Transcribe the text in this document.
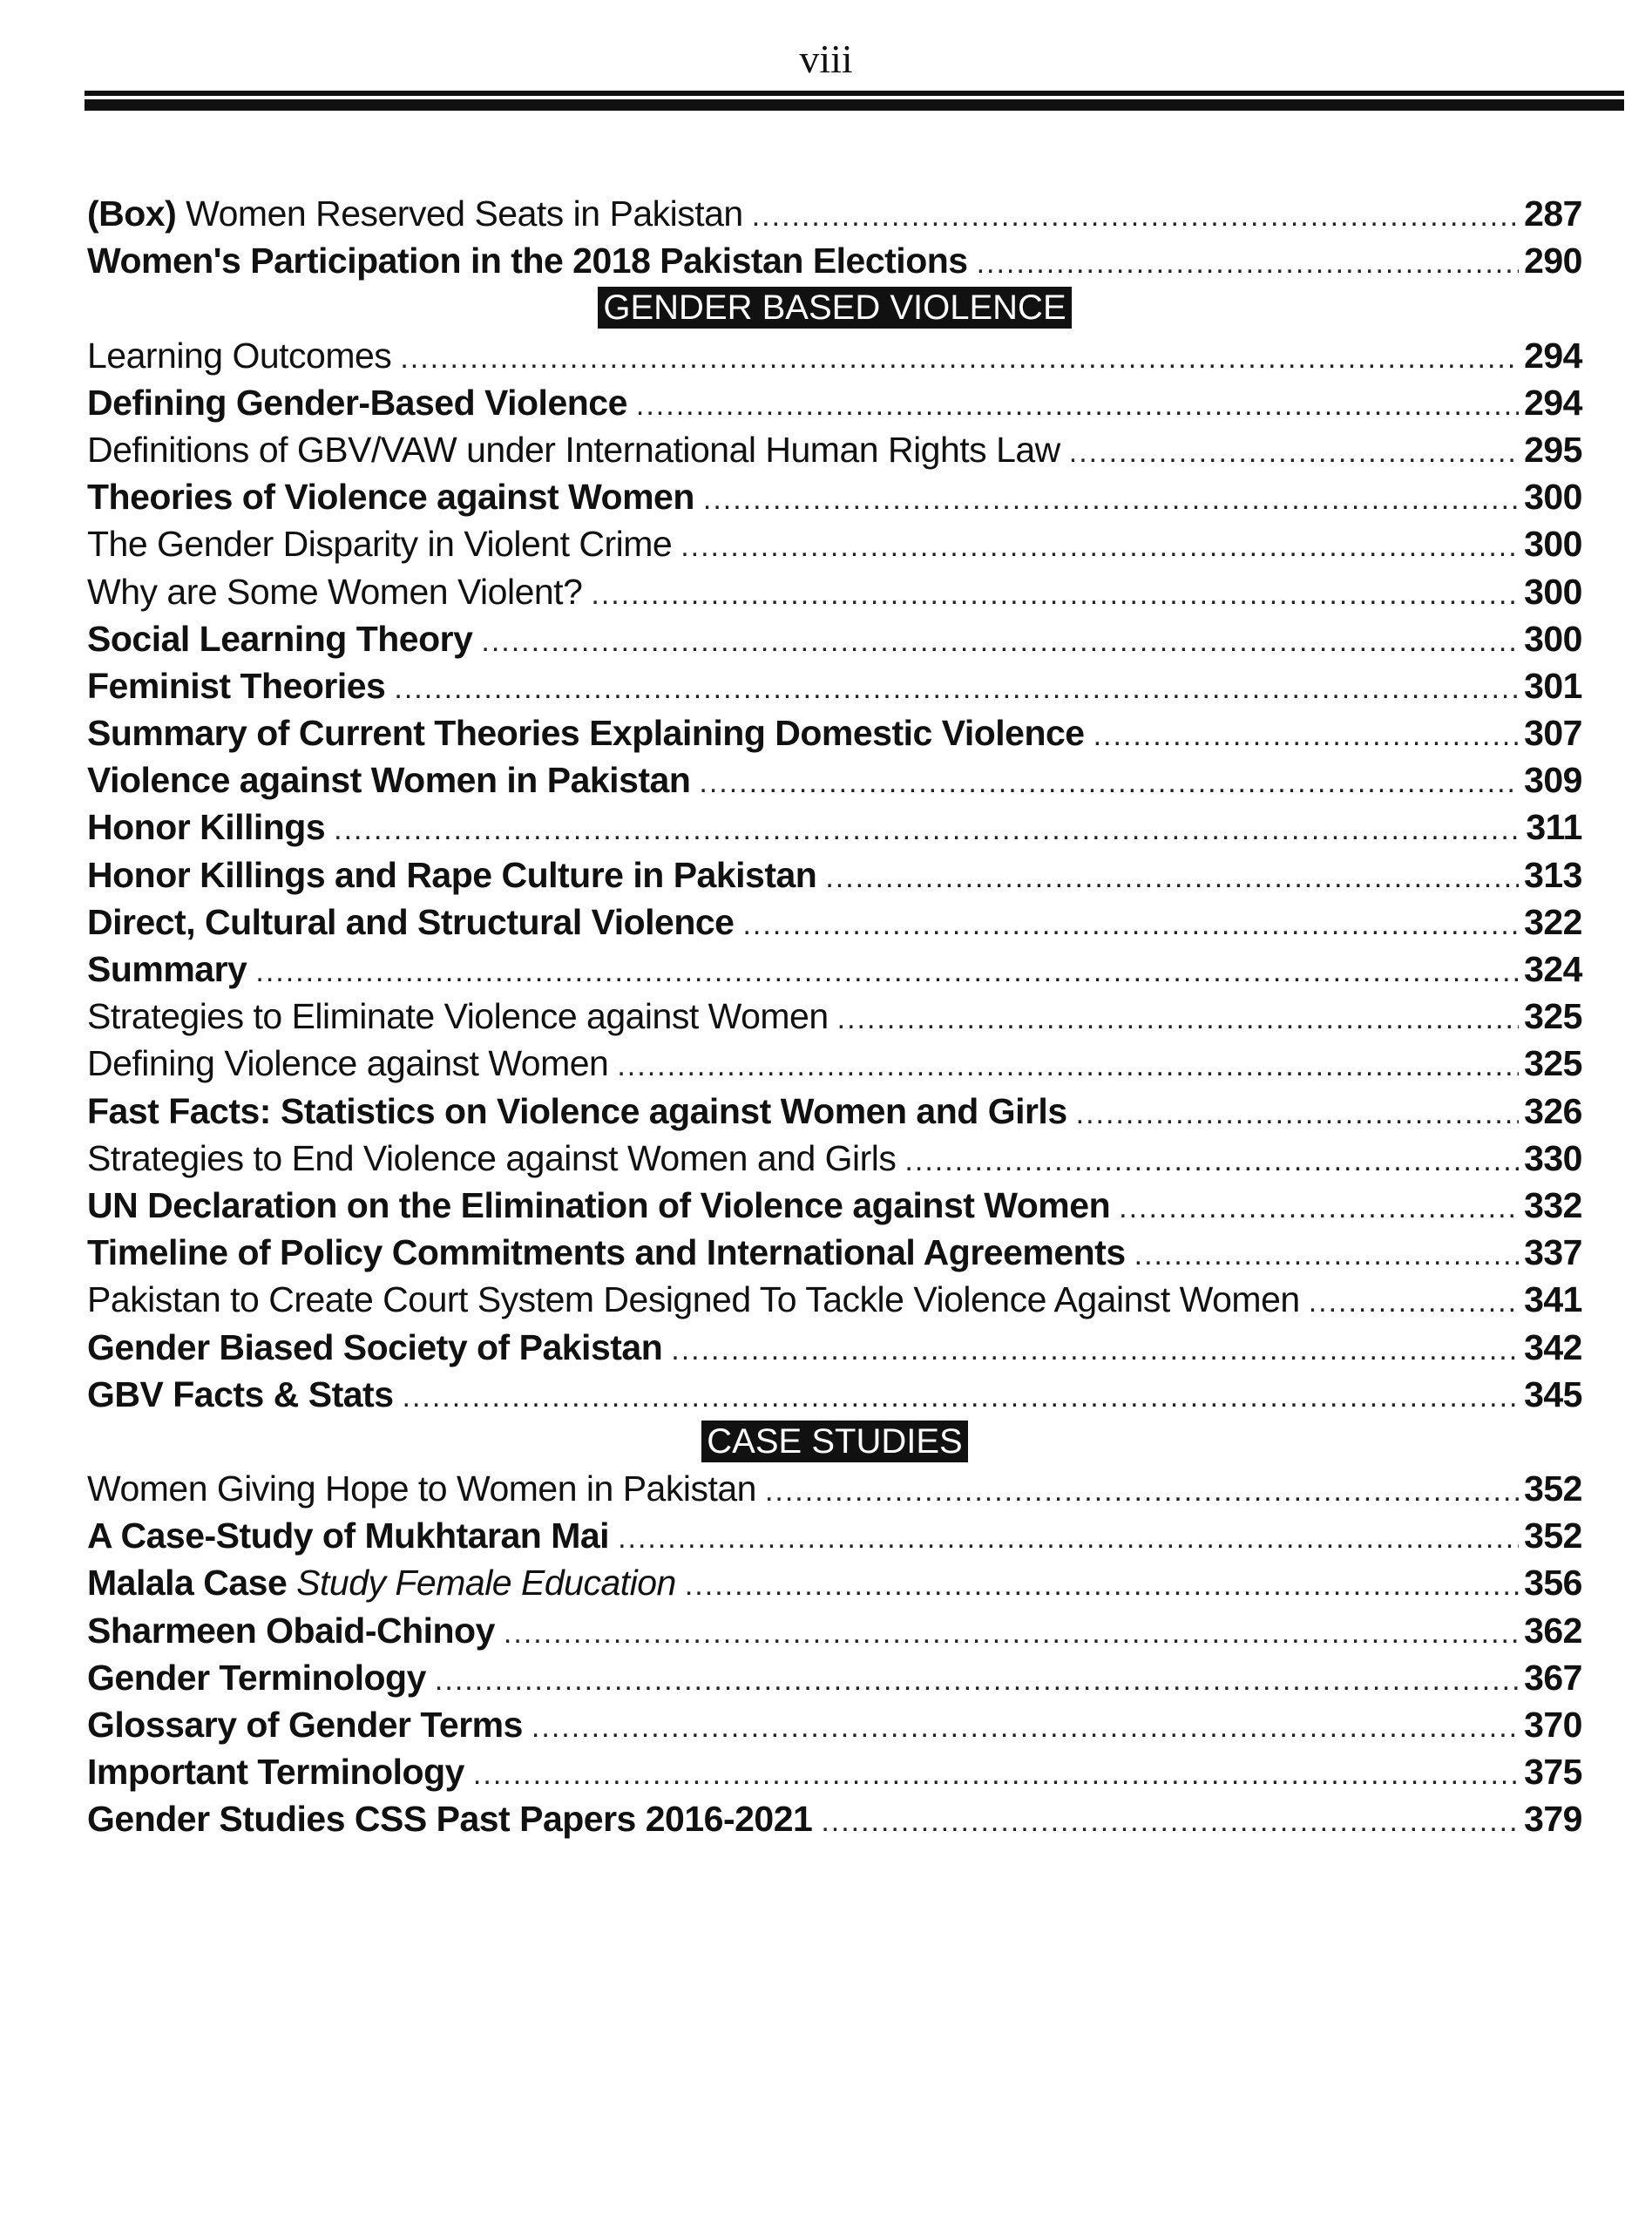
viii
(Box) Women Reserved Seats in Pakistan .....	287
Women's Participation in the 2018 Pakistan Elections .....	290
GENDER BASED VIOLENCE
Learning Outcomes .....	294
Defining Gender-Based Violence .....	294
Definitions of GBV/VAW under International Human Rights Law .....	295
Theories of Violence against Women .....	300
The Gender Disparity in Violent Crime .....	300
Why are Some Women Violent? .....	300
Social Learning Theory .....	300
Feminist Theories .....	301
Summary of Current Theories Explaining Domestic Violence .....	307
Violence against Women in Pakistan .....	309
Honor Killings .....	311
Honor Killings and Rape Culture in Pakistan .....	313
Direct, Cultural and Structural Violence .....	322
Summary .....	324
Strategies to Eliminate Violence against Women .....	325
Defining Violence against Women .....	325
Fast Facts: Statistics on Violence against Women and Girls .....	326
Strategies to End Violence against Women and Girls .....	330
UN Declaration on the Elimination of Violence against Women .....	332
Timeline of Policy Commitments and International Agreements .....	337
Pakistan to Create Court System Designed To Tackle Violence Against Women .....	341
Gender Biased Society of Pakistan .....	342
GBV Facts & Stats .....	345
CASE STUDIES
Women Giving Hope to Women in Pakistan .....	352
A Case-Study of Mukhtaran Mai .....	352
Malala Case Study Female Education .....	356
Sharmeen Obaid-Chinoy .....	362
Gender Terminology .....	367
Glossary of Gender Terms .....	370
Important Terminology .....	375
Gender Studies CSS Past Papers 2016-2021 .....	379
